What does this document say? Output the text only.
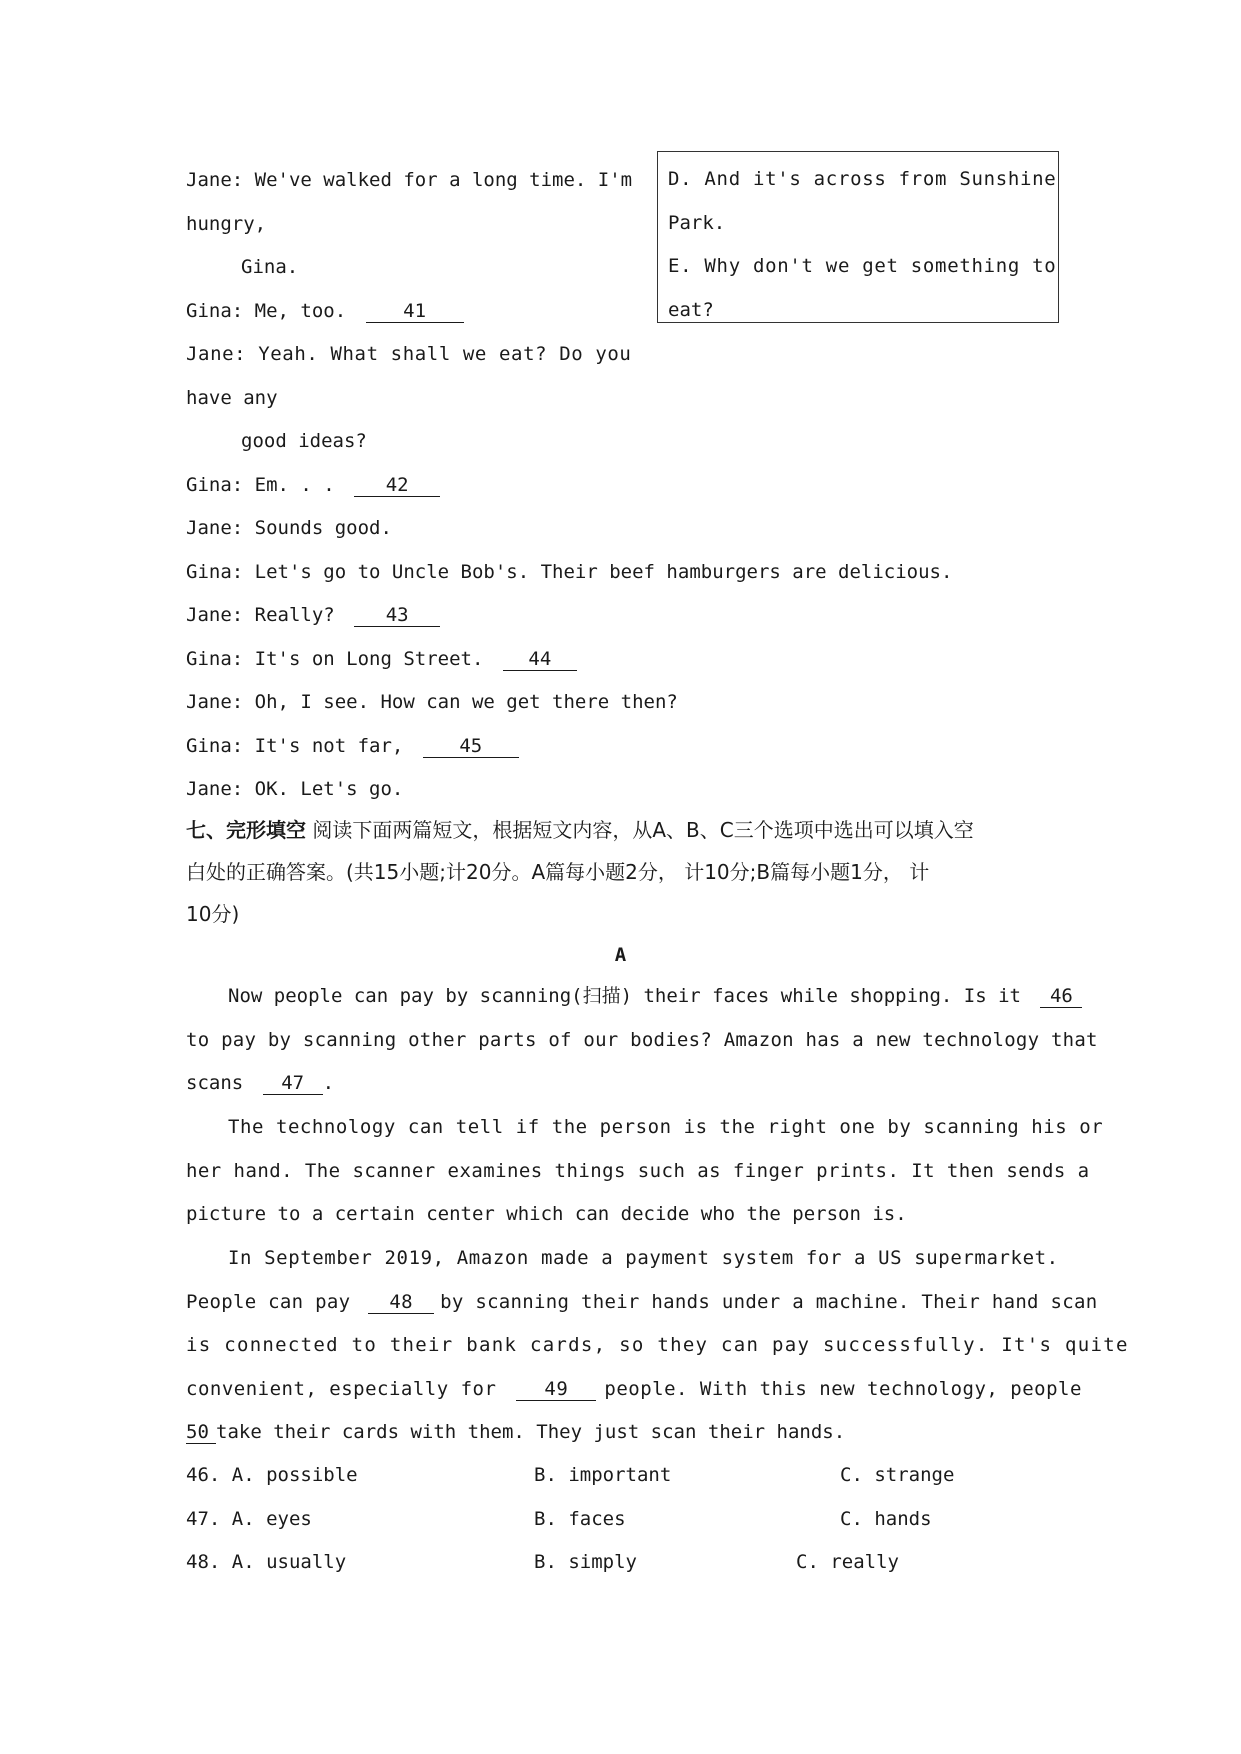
Jane: We've walked for a long time. I'm
hungry,
Gina.
Gina: Me, too.	41
Jane: Yeah. What shall we eat? Do you
have any
good ideas?
Gina: Em. . .	42
Jane: Sounds good.
Gina: Let's go to Uncle Bob's. Their beef hamburgers are delicious.
Jane: Really?	43
Gina: It's on Long Street. 44
Jane: Oh, I see. How can we get there then?
Gina: It's not far,	45
Jane: OK. Let's go.
D. And it's across from Sunshine
Park.
E. Why don't we get something to
eat?
七、完形填空 阅读下面两篇短文，根据短文内容，从A、B、C三个选项中选出可以填入空
白处的正确答案。(共15小题;计20分。A篇每小题2分， 计10分;B篇每小题1分， 计
10分)
A
Now people can pay by scanning(扫描) their faces while shopping. Is it 46
to pay by scanning other parts of our bodies? Amazon has a new technology that
scans 47 .
The technology can tell if the person is the right one by scanning his or
her hand. The scanner examines things such as finger prints. It then sends a
picture to a certain center which can decide who the person is.
In September 2019, Amazon made a payment system for a US supermarket.
People can pay 48 by scanning their hands under a machine. Their hand scan
is connected to their bank cards, so they can pay successfully. It's quite
convenient, especially for	49 people. With this new technology, people
50 take their cards with them. They just scan their hands.
46. A. possible	B. important	C. strange
47. A. eyes	B. faces	C. hands
48. A. usually	B. simply	C. really
